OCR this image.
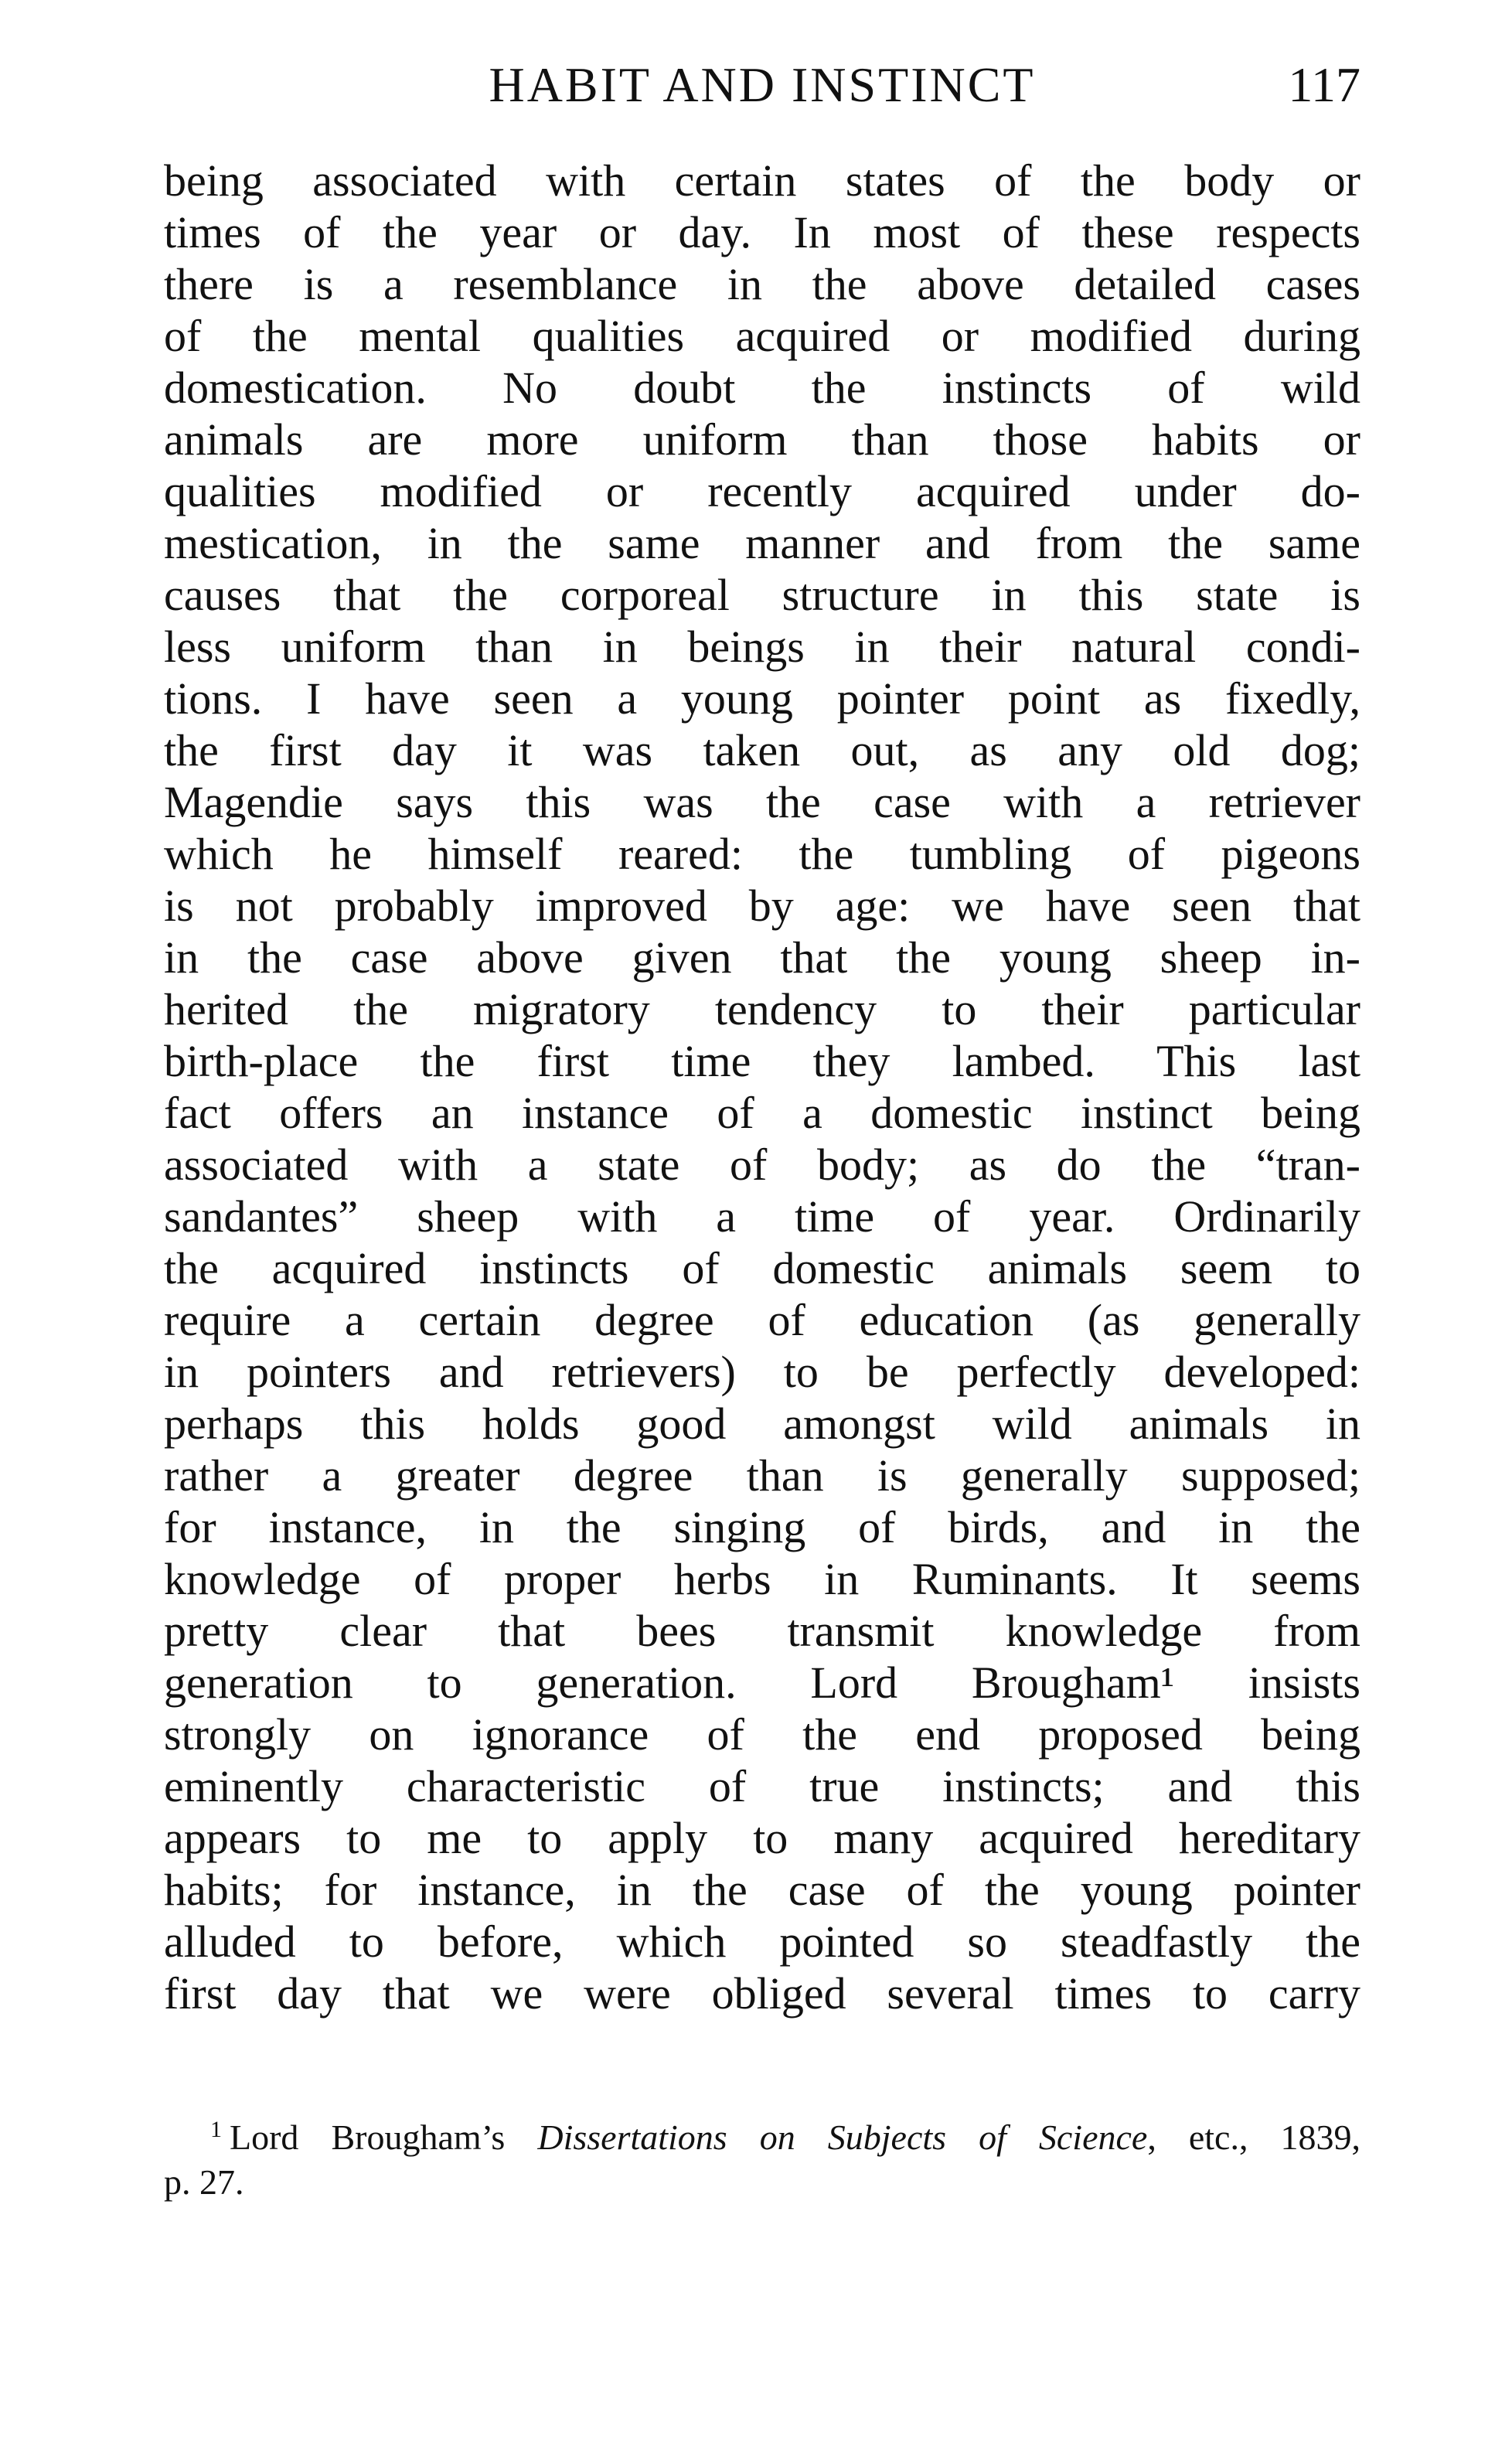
HABIT AND INSTINCT	117
being associated with certain states of the body or
times of the year or day. In most of these respects
there is a resemblance in the above detailed cases
of the mental qualities acquired or modified during
domestication. No doubt the instincts of wild
animals are more uniform than those habits or
qualities modified or recently acquired under do-
mestication, in the same manner and from the same
causes that the corporeal structure in this state is
less uniform than in beings in their natural condi-
tions. I have seen a young pointer point as fixedly,
the first day it was taken out, as any old dog;
Magendie says this was the case with a retriever
which he himself reared: the tumbling of pigeons
is not probably improved by age: we have seen that
in the case above given that the young sheep in-
herited the migratory tendency to their particular
birth-place the first time they lambed. This last
fact offers an instance of a domestic instinct being
associated with a state of body; as do the “tran-
sandantes” sheep with a time of year. Ordinarily
the acquired instincts of domestic animals seem to
require a certain degree of education (as generally
in pointers and retrievers) to be perfectly developed:
perhaps this holds good amongst wild animals in
rather a greater degree than is generally supposed;
for instance, in the singing of birds, and in the
knowledge of proper herbs in Ruminants. It seems
pretty clear that bees transmit knowledge from
generation to generation. Lord Brougham¹ insists
strongly on ignorance of the end proposed being
eminently characteristic of true instincts; and this
appears to me to apply to many acquired hereditary
habits; for instance, in the case of the young pointer
alluded to before, which pointed so steadfastly the
first day that we were obliged several times to carry
$^1$ Lord Brougham’s Dissertations on Subjects of Science, etc., 1839,
p. 27.
